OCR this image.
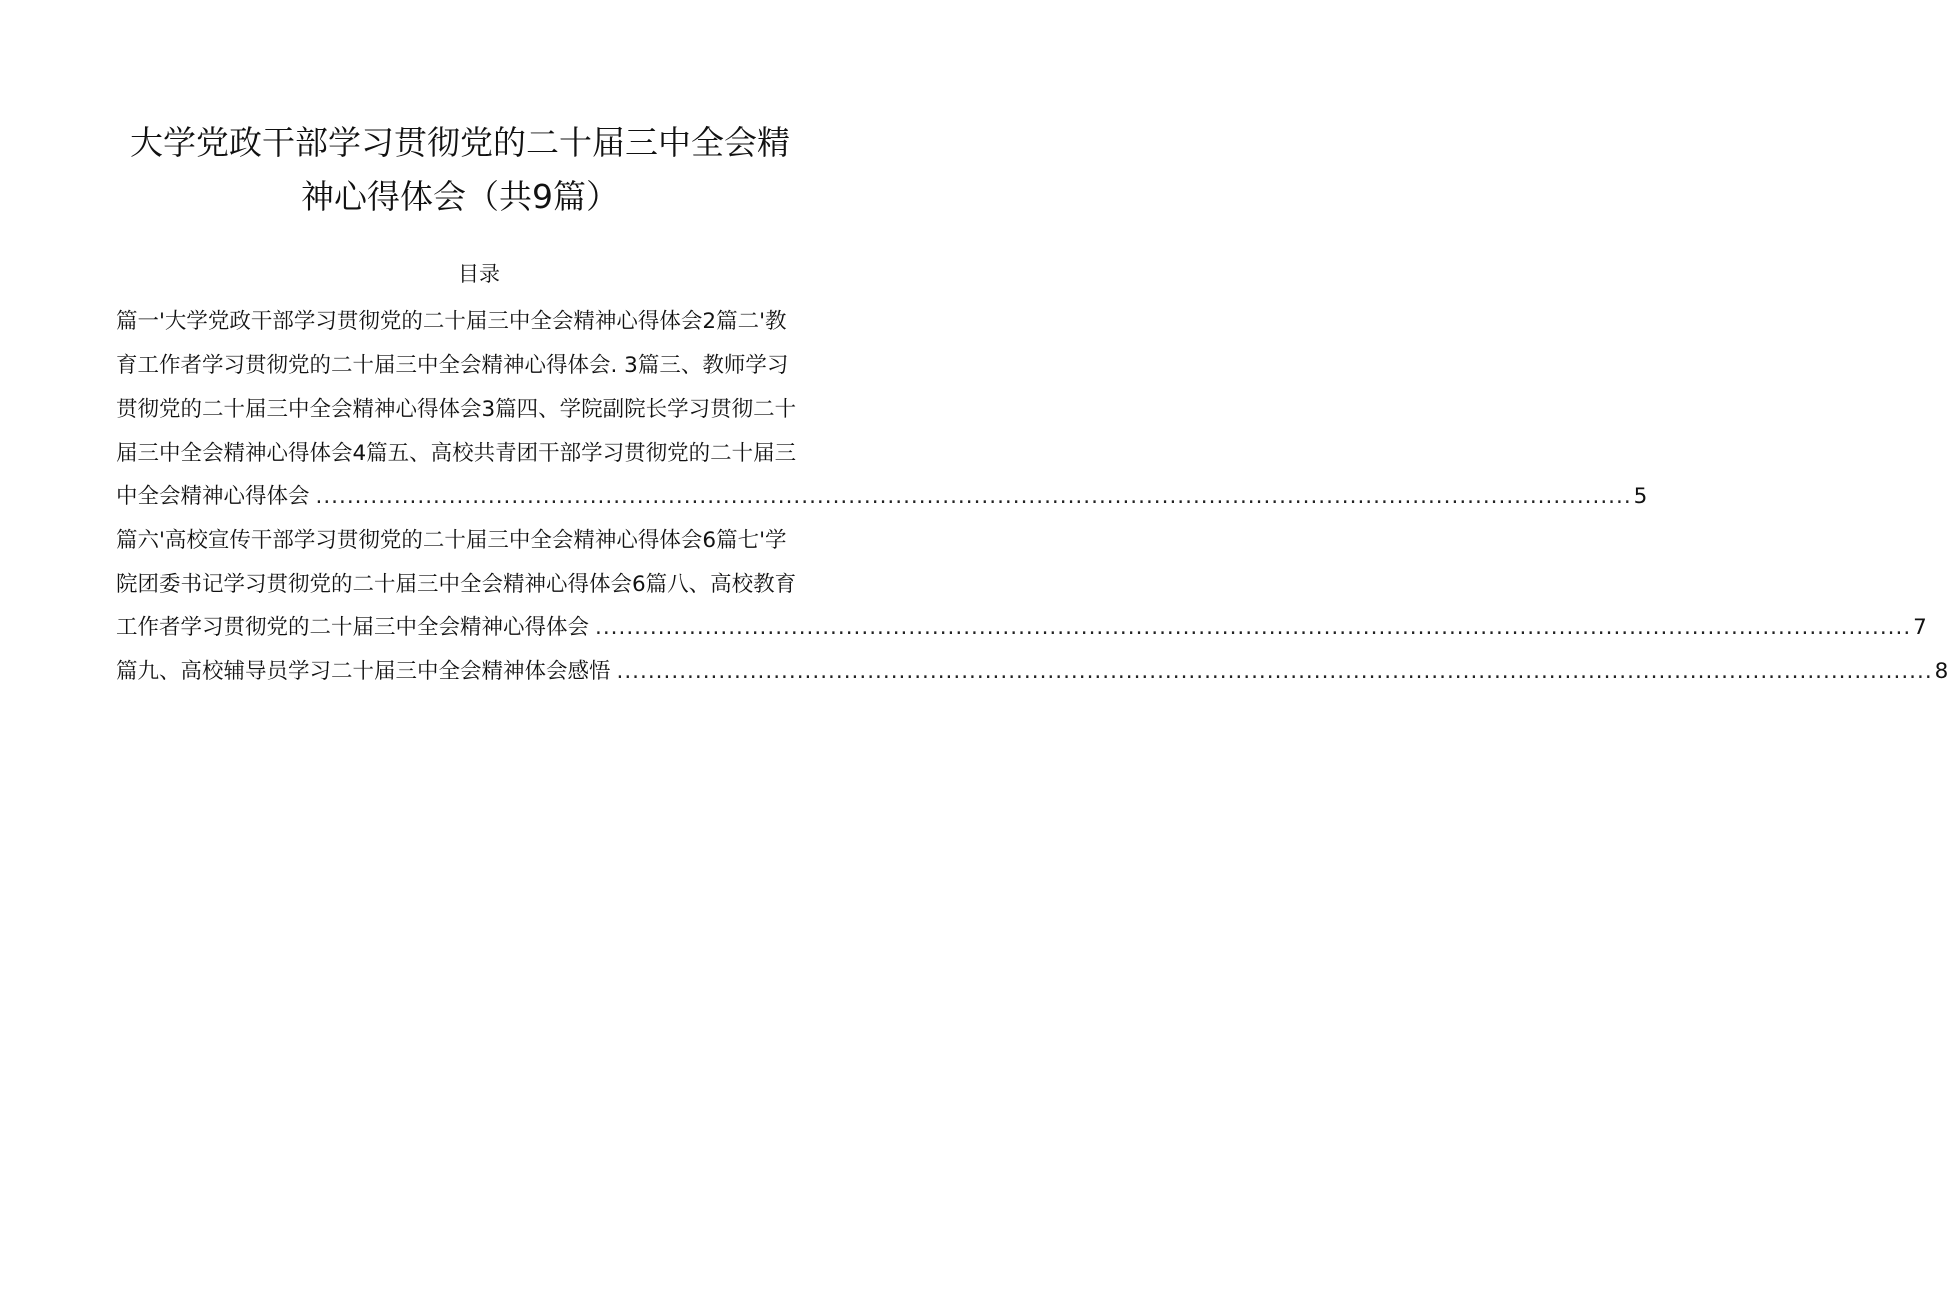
大学党政干部学习贯彻党的二十届三中全会精
神心得体会（共9篇）
目录
篇一'大学党政干部学习贯彻党的二十届三中全会精神心得体会2篇二'教
育工作者学习贯彻党的二十届三中全会精神心得体会. 3篇三、教师学习
贯彻党的二十届三中全会精神心得体会3篇四、学院副院长学习贯彻二十
届三中全会精神心得体会4篇五、高校共青团干部学习贯彻党的二十届三
中全会精神心得体会 ........................................................................................................................................................................ 5
篇六'高校宣传干部学习贯彻党的二十届三中全会精神心得体会6篇七'学
院团委书记学习贯彻党的二十届三中全会精神心得体会6篇八、高校教育
工作者学习贯彻党的二十届三中全会精神心得体会 ........................................................................................................................................................................ 7
篇九、高校辅导员学习二十届三中全会精神体会感悟 ........................................................................................................................................................................ 8
